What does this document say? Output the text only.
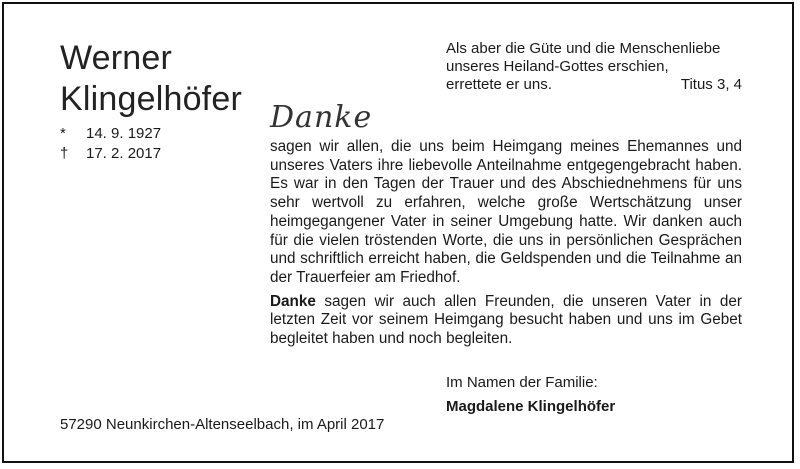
Werner
Klingelhöfer
* 14. 9. 1927
† 17. 2. 2017
Als aber die Güte und die Menschenliebe
unseres Heiland-Gottes erschien,
errettete er uns.	Titus 3, 4
Danke

sagen wir allen, die uns beim Heimgang meines Ehemannes und unseres Vaters ihre liebevolle Anteilnahme entgegengebracht haben. Es war in den Tagen der Trauer und des Abschiednehmens für uns sehr wertvoll zu erfahren, welche große Wertschätzung unser heimgegangener Vater in seiner Umgebung hatte. Wir danken auch für die vielen tröstenden Worte, die uns in persönlichen Gesprächen und schriftlich erreicht haben, die Geldspenden und die Teilnahme an der Trauerfeier am Friedhof.

Danke sagen wir auch allen Freunden, die unseren Vater in der letzten Zeit vor seinem Heimgang besucht haben und uns im Gebet begleitet haben und noch begleiten.

Im Namen der Familie:
Magdalene Klingelhöfer
57290 Neunkirchen-Altenseelbach, im April 2017
